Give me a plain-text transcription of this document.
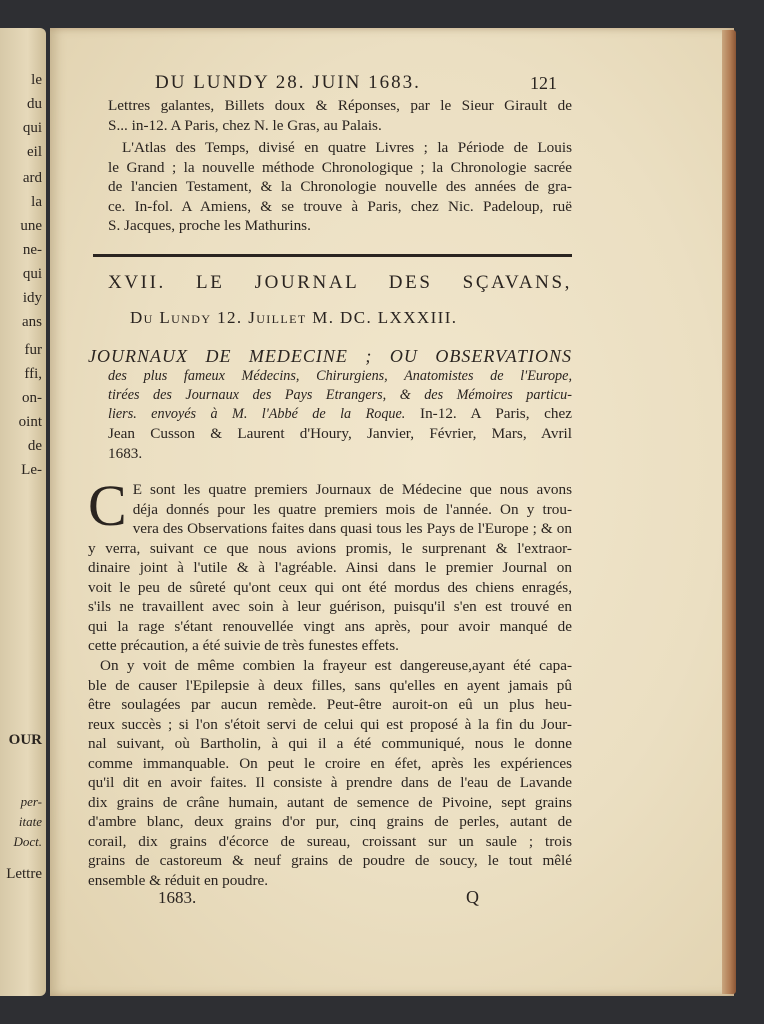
le
du
qui
eil
ard
la
une
ne-
qui
idy
ans
fur
ffi,
on-
oint
de
Le-
OUR
per-
itate
Doct.
Lettre
DU LUNDY 28. JUIN 1683.	121
Lettres galantes, Billets doux & Réponses, par le Sieur Girault de
S... in-12. A Paris, chez N. le Gras, au Palais.
L'Atlas des Temps, divisé en quatre Livres ; la Période de Louis
le Grand ; la nouvelle méthode Chronologique ; la Chronologie sacrée
de l'ancien Testament, & la Chronologie nouvelle des années de gra-
ce. In-fol. A Amiens, & se trouve à Paris, chez Nic. Padeloup, ruë
S. Jacques, proche les Mathurins.
XVII. LE JOURNAL DES SÇAVANS,
Du Lundy 12. Juillet M. DC. LXXXIII.
JOURNAUX DE MEDECINE ; OU OBSERVATIONS
des plus fameux Médecins, Chirurgiens, Anatomistes de l'Europe,
tirées des Journaux des Pays Etrangers, & des Mémoires particu-
liers. envoyés à M. l'Abbé de la Roque. In-12. A Paris, chez
Jean Cusson & Laurent d'Houry, Janvier, Février, Mars, Avril
1683.
C E sont les quatre premiers Journaux de Médecine que nous avons
déja donnés pour les quatre premiers mois de l'année. On y trou-
vera des Observations faites dans quasi tous les Pays de l'Europe ; & on
y verra, suivant ce que nous avions promis, le surprenant & l'extraor-
dinaire joint à l'utile & à l'agréable. Ainsi dans le premier Journal on
voit le peu de sûreté qu'ont ceux qui ont été mordus des chiens enragés,
s'ils ne travaillent avec soin à leur guérison, puisqu'il s'en est trouvé en
qui la rage s'étant renouvellée vingt ans après, pour avoir manqué de
cette précaution, a été suivie de très funestes effets.
On y voit de même combien la frayeur est dangereuse,ayant été capa-
ble de causer l'Epilepsie à deux filles, sans qu'elles en ayent jamais pû
être soulagées par aucun remède. Peut-être auroit-on eû un plus heu-
reux succès ; si l'on s'étoit servi de celui qui est proposé à la fin du Jour-
nal suivant, où Bartholin, à qui il a été communiqué, nous le donne
comme immanquable. On peut le croire en éfet, après les expériences
qu'il dit en avoir faites. Il consiste à prendre dans de l'eau de Lavande
dix grains de crâne humain, autant de semence de Pivoine, sept grains
d'ambre blanc, deux grains d'or pur, cinq grains de perles, autant de
corail, dix grains d'écorce de sureau, croissant sur un saule ; trois
grains de castoreum & neuf grains de poudre de soucy, le tout mêlé
ensemble & réduit en poudre.
1683.	Q
